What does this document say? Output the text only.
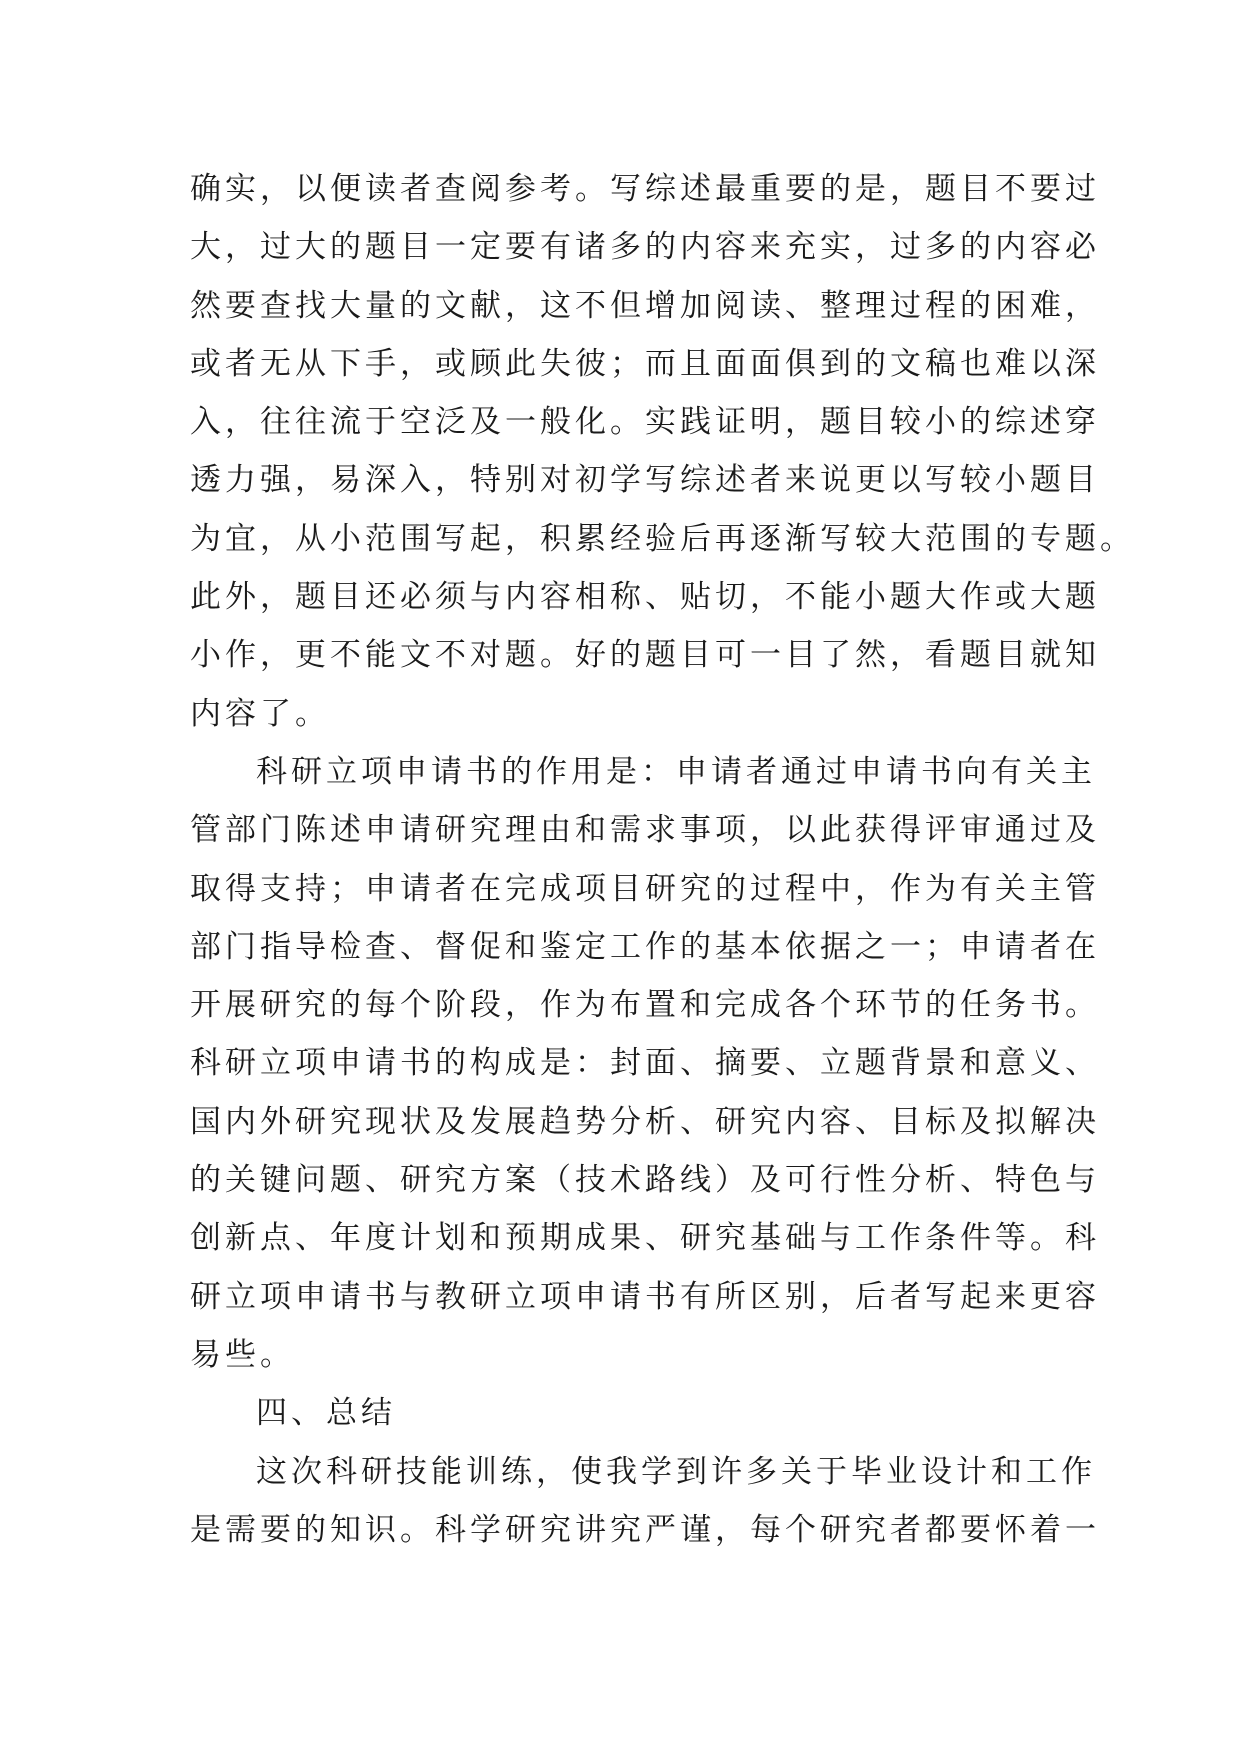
确实，以便读者查阅参考。写综述最重要的是，题目不要过
大，过大的题目一定要有诸多的内容来充实，过多的内容必
然要查找大量的文献，这不但增加阅读、整理过程的困难，
或者无从下手，或顾此失彼；而且面面俱到的文稿也难以深
入，往往流于空泛及一般化。实践证明，题目较小的综述穿
透力强，易深入，特别对初学写综述者来说更以写较小题目
为宜，从小范围写起，积累经验后再逐渐写较大范围的专题。
此外，题目还必须与内容相称、贴切，不能小题大作或大题
小作，更不能文不对题。好的题目可一目了然，看题目就知
内容了。
科研立项申请书的作用是：申请者通过申请书向有关主
管部门陈述申请研究理由和需求事项，以此获得评审通过及
取得支持；申请者在完成项目研究的过程中，作为有关主管
部门指导检查、督促和鉴定工作的基本依据之一；申请者在
开展研究的每个阶段，作为布置和完成各个环节的任务书。
科研立项申请书的构成是：封面、摘要、立题背景和意义、
国内外研究现状及发展趋势分析、研究内容、目标及拟解决
的关键问题、研究方案（技术路线）及可行性分析、特色与
创新点、年度计划和预期成果、研究基础与工作条件等。科
研立项申请书与教研立项申请书有所区别，后者写起来更容
易些。
四、总结
这次科研技能训练，使我学到许多关于毕业设计和工作
是需要的知识。科学研究讲究严谨，每个研究者都要怀着一
